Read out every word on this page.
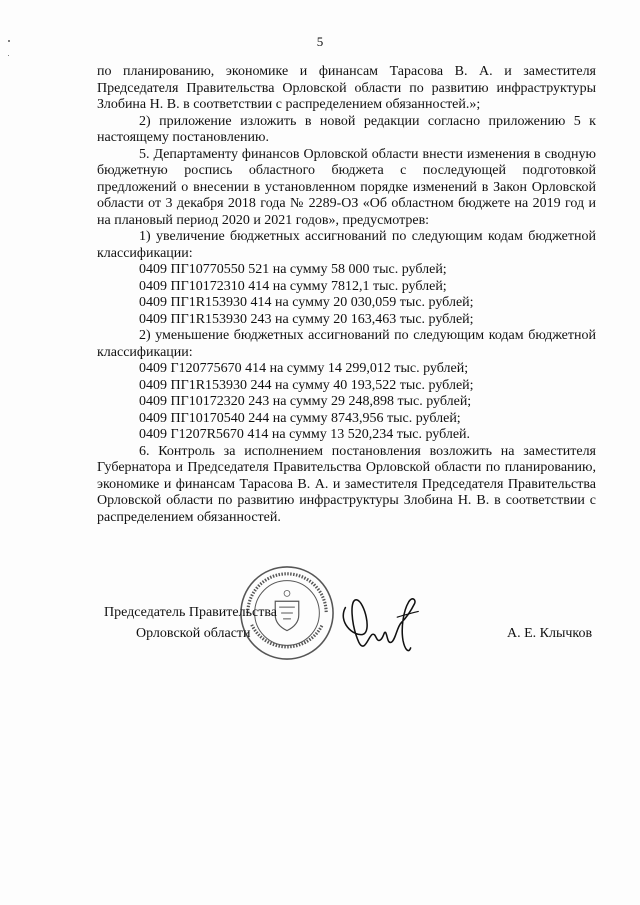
5

по планированию, экономике и финансам Тарасова В. А. и заместителя Председателя Правительства Орловской области по развитию инфраструктуры Злобина Н. В. в соответствии с распределением обязанностей.»;

2) приложение изложить в новой редакции согласно приложению 5 к настоящему постановлению.

5. Департаменту финансов Орловской области внести изменения в сводную бюджетную роспись областного бюджета с последующей подготовкой предложений о внесении в установленном порядке изменений в Закон Орловской области от 3 декабря 2018 года № 2289-ОЗ «Об областном бюджете на 2019 год и на плановый период 2020 и 2021 годов», предусмотрев:

1) увеличение бюджетных ассигнований по следующим кодам бюджетной классификации:

0409 ПГ10770550 521 на сумму 58 000 тыс. рублей;

0409 ПГ10172310 414 на сумму 7812,1 тыс. рублей;

0409 ПГ1R153930 414 на сумму 20 030,059 тыс. рублей;

0409 ПГ1R153930 243 на сумму 20 163,463 тыс. рублей;

2) уменьшение бюджетных ассигнований по следующим кодам бюджетной классификации:

0409 Г120775670 414 на сумму 14 299,012 тыс. рублей;

0409 ПГ1R153930 244 на сумму 40 193,522 тыс. рублей;

0409 ПГ10172320 243 на сумму 29 248,898 тыс. рублей;

0409 ПГ10170540 244 на сумму 8743,956 тыс. рублей;

0409 Г1207R5670 414 на сумму 13 520,234 тыс. рублей.

6. Контроль за исполнением постановления возложить на заместителя Губернатора и Председателя Правительства Орловской области по планированию, экономике и финансам Тарасова В. А. и заместителя Председателя Правительства Орловской области по развитию инфраструктуры Злобина Н. В. в соответствии с распределением обязанностей.

Председатель Правительства
Орловской области	А. Е. Клычков
